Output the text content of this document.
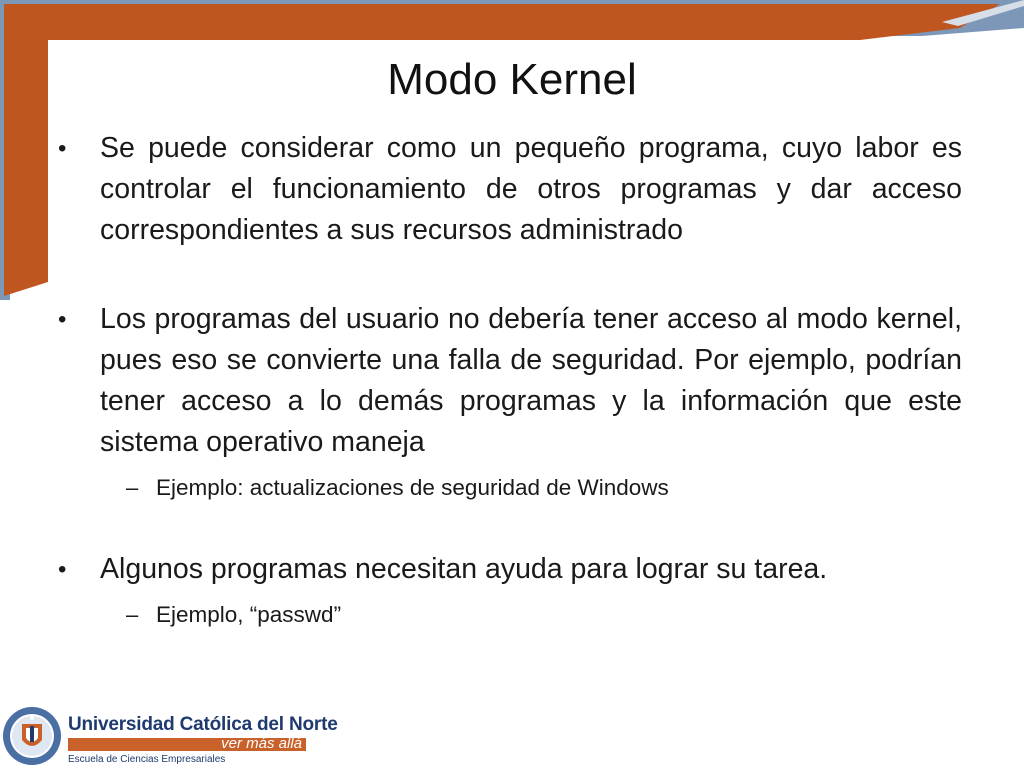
Modo Kernel
•	Se puede considerar como un pequeño programa, cuyo labor es controlar el funcionamiento de otros programas y dar acceso correspondientes a sus recursos administrado
•	Los programas del usuario no debería tener acceso al modo kernel, pues eso se convierte una falla de seguridad. Por ejemplo, podrían tener acceso a lo demás programas y la información que este sistema operativo maneja
– Ejemplo: actualizaciones de seguridad de Windows
•	Algunos programas necesitan ayuda para lograr su tarea.
– Ejemplo, “passwd”
Universidad Católica del Norte
ver más allá
Escuela de Ciencias Empresariales
